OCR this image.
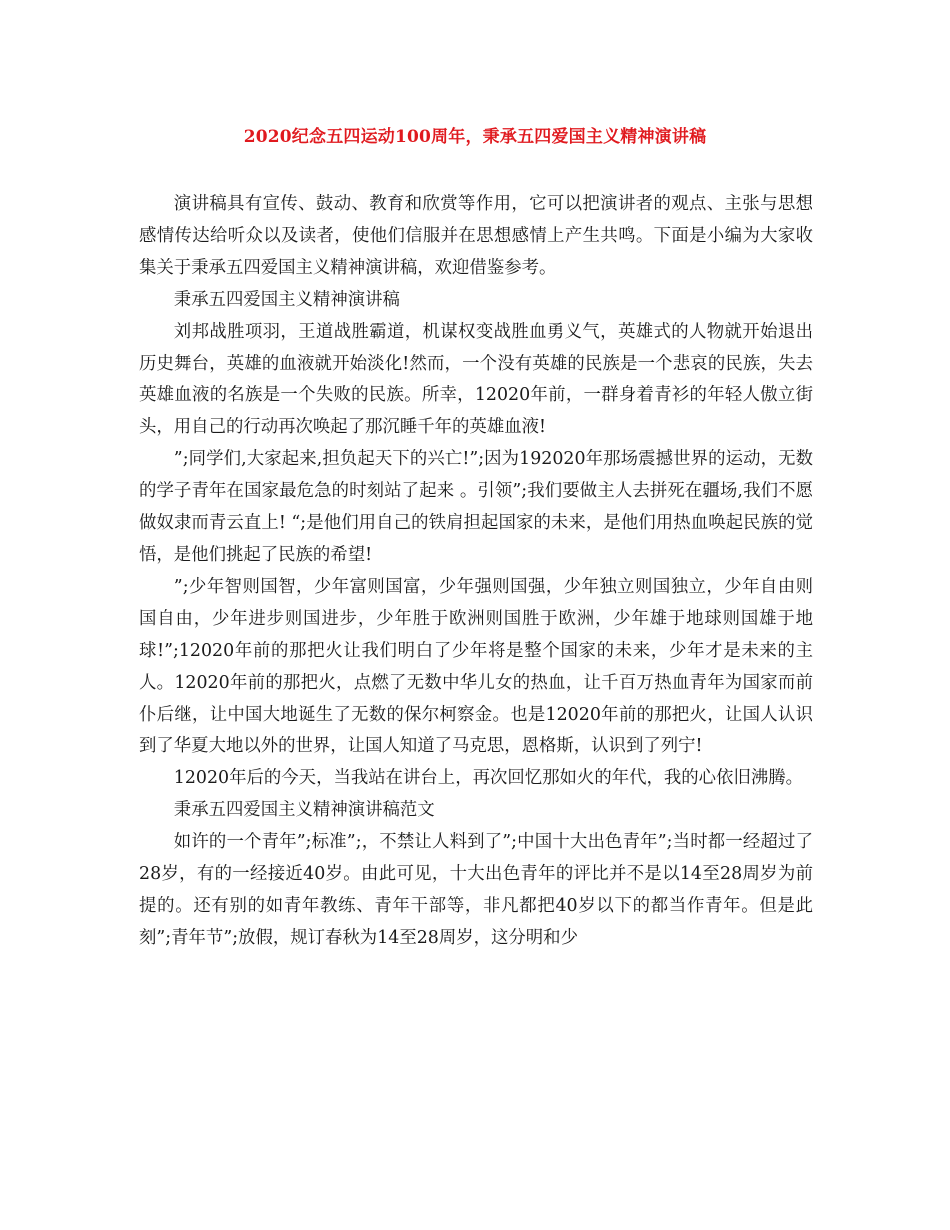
2020纪念五四运动100周年，秉承五四爱国主义精神演讲稿

演讲稿具有宣传、鼓动、教育和欣赏等作用，它可以把演讲者的观点、主张与思想感情传达给听众以及读者，使他们信服并在思想感情上产生共鸣。下面是小编为大家收集关于秉承五四爱国主义精神演讲稿，欢迎借鉴参考。

秉承五四爱国主义精神演讲稿

刘邦战胜项羽，王道战胜霸道，机谋权变战胜血勇义气，英雄式的人物就开始退出历史舞台，英雄的血液就开始淡化!然而，一个没有英雄的民族是一个悲哀的民族，失去英雄血液的名族是一个失败的民族。所幸，12020年前，一群身着青衫的年轻人傲立街头，用自己的行动再次唤起了那沉睡千年的英雄血液!

”;同学们,大家起来,担负起天下的兴亡!”;因为192020年那场震撼世界的运动，无数的学子青年在国家最危急的时刻站了起来 。引领”;我们要做主人去拼死在疆场,我们不愿做奴隶而青云直上! “;是他们用自己的铁肩担起国家的未来，是他们用热血唤起民族的觉悟，是他们挑起了民族的希望!

”;少年智则国智，少年富则国富，少年强则国强，少年独立则国独立，少年自由则国自由，少年进步则国进步，少年胜于欧洲则国胜于欧洲，少年雄于地球则国雄于地球!”;12020年前的那把火让我们明白了少年将是整个国家的未来，少年才是未来的主人。12020年前的那把火，点燃了无数中华儿女的热血，让千百万热血青年为国家而前仆后继，让中国大地诞生了无数的保尔柯察金。也是12020年前的那把火，让国人认识到了华夏大地以外的世界，让国人知道了马克思，恩格斯，认识到了列宁!

12020年后的今天，当我站在讲台上，再次回忆那如火的年代，我的心依旧沸腾。

秉承五四爱国主义精神演讲稿范文

如许的一个青年”;标准”;，不禁让人料到了”;中国十大出色青年”;当时都一经超过了28岁，有的一经接近40岁。由此可见，十大出色青年的评比并不是以14至28周岁为前提的。还有别的如青年教练、青年干部等，非凡都把40岁以下的都当作青年。但是此刻”;青年节”;放假，规订春秋为14至28周岁，这分明和少
